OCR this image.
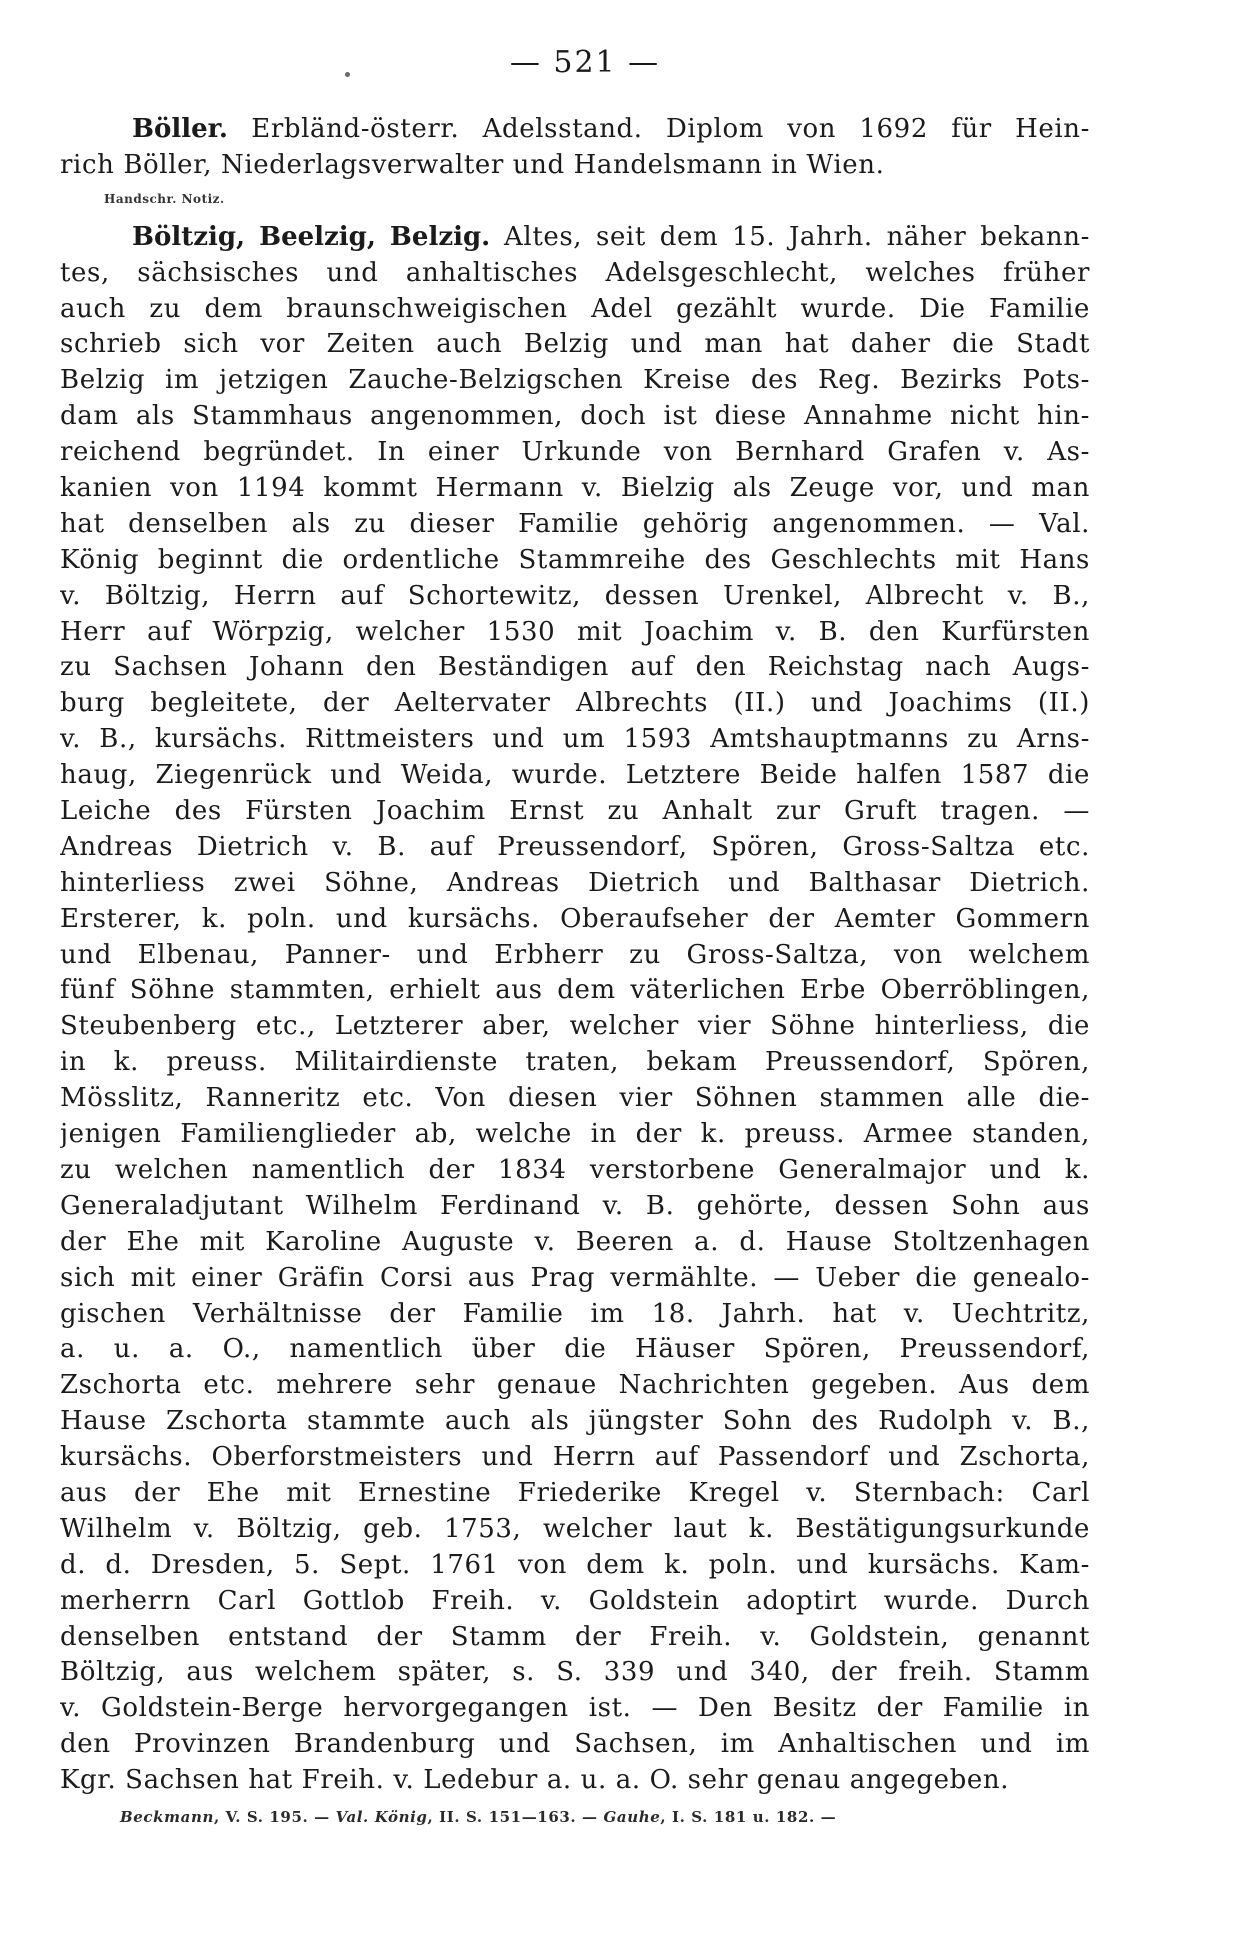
— 521 —
Böller. Erbländ-österr. Adelsstand. Diplom von 1692 für Hein-
rich Böller, Niederlagsverwalter und Handelsmann in Wien.
Handschr. Notiz.
Böltzig, Beelzig, Belzig. Altes, seit dem 15. Jahrh. näher bekann-
tes, sächsisches und anhaltisches Adelsgeschlecht, welches früher
auch zu dem braunschweigischen Adel gezählt wurde. Die Familie
schrieb sich vor Zeiten auch Belzig und man hat daher die Stadt
Belzig im jetzigen Zauche-Belzigschen Kreise des Reg. Bezirks Pots-
dam als Stammhaus angenommen, doch ist diese Annahme nicht hin-
reichend begründet. In einer Urkunde von Bernhard Grafen v. As-
kanien von 1194 kommt Hermann v. Bielzig als Zeuge vor, und man
hat denselben als zu dieser Familie gehörig angenommen. — Val.
König beginnt die ordentliche Stammreihe des Geschlechts mit Hans
v. Böltzig, Herrn auf Schortewitz, dessen Urenkel, Albrecht v. B.,
Herr auf Wörpzig, welcher 1530 mit Joachim v. B. den Kurfürsten
zu Sachsen Johann den Beständigen auf den Reichstag nach Augs-
burg begleitete, der Aeltervater Albrechts (II.) und Joachims (II.)
v. B., kursächs. Rittmeisters und um 1593 Amtshauptmanns zu Arns-
haug, Ziegenrück und Weida, wurde. Letztere Beide halfen 1587 die
Leiche des Fürsten Joachim Ernst zu Anhalt zur Gruft tragen. —
Andreas Dietrich v. B. auf Preussendorf, Spören, Gross-Saltza etc.
hinterliess zwei Söhne, Andreas Dietrich und Balthasar Dietrich.
Ersterer, k. poln. und kursächs. Oberaufseher der Aemter Gommern
und Elbenau, Panner- und Erbherr zu Gross-Saltza, von welchem
fünf Söhne stammten, erhielt aus dem väterlichen Erbe Oberröblingen,
Steubenberg etc., Letzterer aber, welcher vier Söhne hinterliess, die
in k. preuss. Militairdienste traten, bekam Preussendorf, Spören,
Mösslitz, Ranneritz etc. Von diesen vier Söhnen stammen alle die-
jenigen Familienglieder ab, welche in der k. preuss. Armee standen,
zu welchen namentlich der 1834 verstorbene Generalmajor und k.
Generaladjutant Wilhelm Ferdinand v. B. gehörte, dessen Sohn aus
der Ehe mit Karoline Auguste v. Beeren a. d. Hause Stoltzenhagen
sich mit einer Gräfin Corsi aus Prag vermählte. — Ueber die genealo-
gischen Verhältnisse der Familie im 18. Jahrh. hat v. Uechtritz,
a. u. a. O., namentlich über die Häuser Spören, Preussendorf,
Zschorta etc. mehrere sehr genaue Nachrichten gegeben. Aus dem
Hause Zschorta stammte auch als jüngster Sohn des Rudolph v. B.,
kursächs. Oberforstmeisters und Herrn auf Passendorf und Zschorta,
aus der Ehe mit Ernestine Friederike Kregel v. Sternbach: Carl
Wilhelm v. Böltzig, geb. 1753, welcher laut k. Bestätigungsurkunde
d. d. Dresden, 5. Sept. 1761 von dem k. poln. und kursächs. Kam-
merherrn Carl Gottlob Freih. v. Goldstein adoptirt wurde. Durch
denselben entstand der Stamm der Freih. v. Goldstein, genannt
Böltzig, aus welchem später, s. S. 339 und 340, der freih. Stamm
v. Goldstein-Berge hervorgegangen ist. — Den Besitz der Familie in
den Provinzen Brandenburg und Sachsen, im Anhaltischen und im
Kgr. Sachsen hat Freih. v. Ledebur a. u. a. O. sehr genau angegeben.
Beckmann, V. S. 195. — Val. König, II. S. 151—163. — Gauhe, I. S. 181 u. 182. —
